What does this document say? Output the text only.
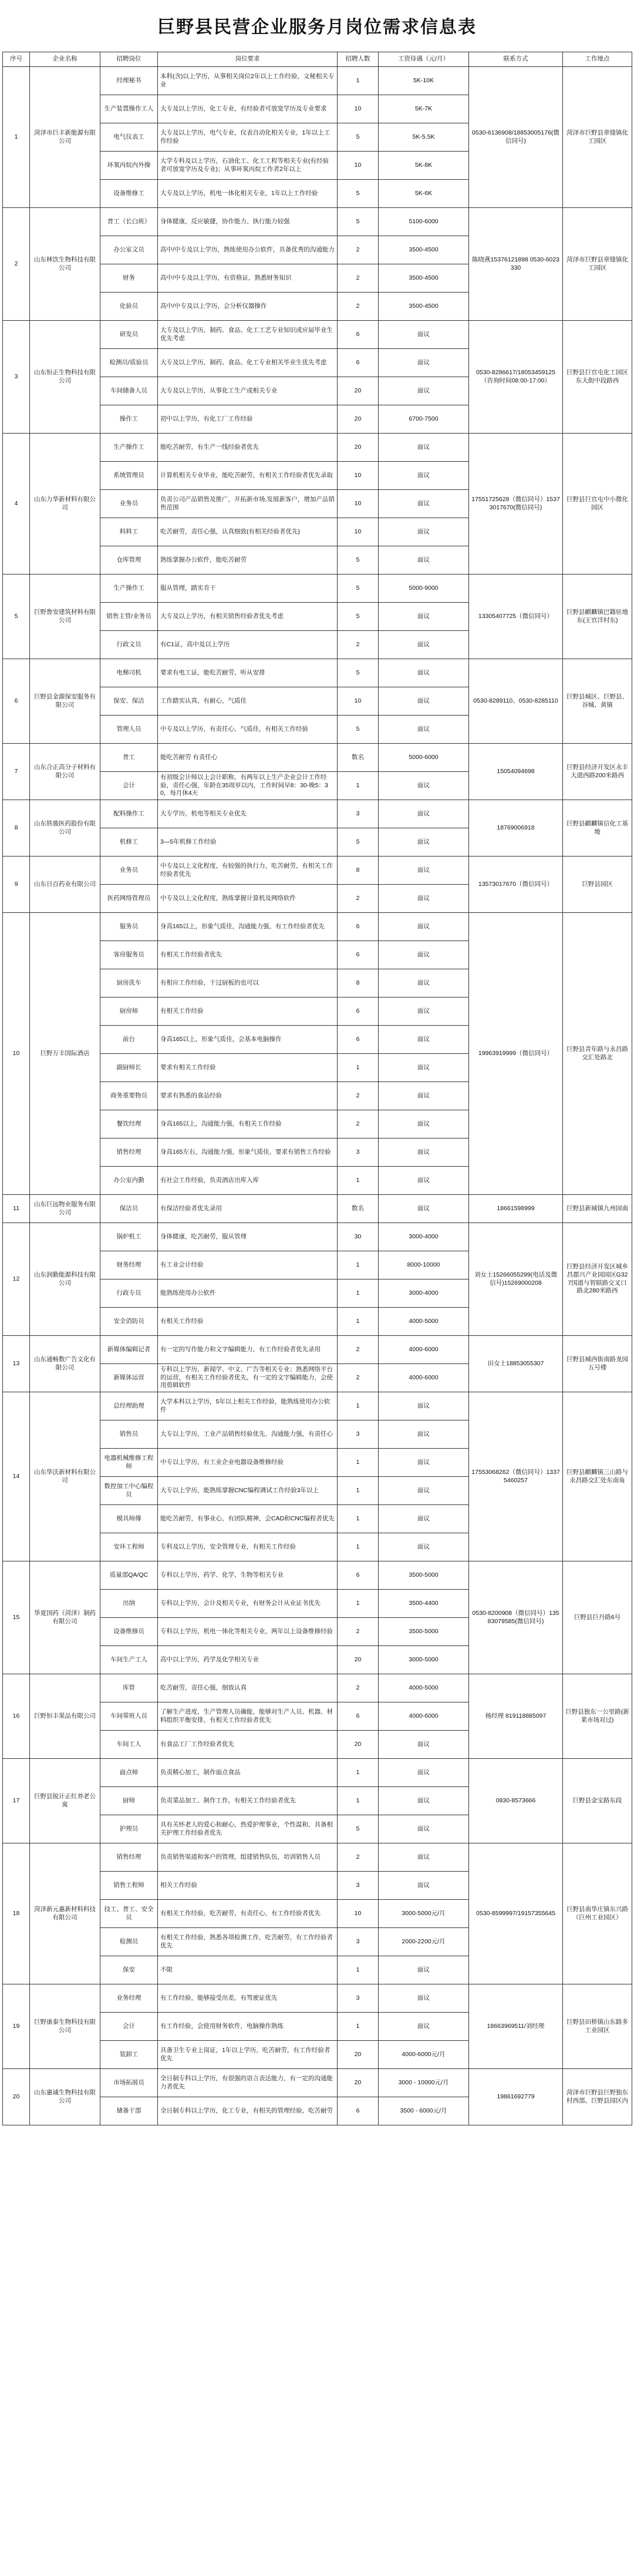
巨野县民营企业服务月岗位需求信息表
序号	企业名称	招聘岗位	岗位要求	招聘人数	工资待遇（元/月）	联系方式	工作地点
1	菏泽市巨丰新能源有限公司	经理秘书	本科(含)以上学历，从事相关岗位2年以上工作经验，文秘相关专业	1	5K-10K	0530-6136908/18853005176(微信同号)	菏泽市巨野县章缝镇化工园区
		生产装置操作工人	大专及以上学历，化工专业，有经验者可放宽学历及专业要求	10	5K-7K		
		电气仪表工	大专及以上学历，电气专业，仪表自动化相关专业，1年以上工作经验	5	5K-5.5K		
		环氧丙烷内外操	大学专科及以上学历，石油化工、化工工程等相关专业(有经验者可放宽学历及专业)；从事环氧丙烷工作者2年以上	10	5K-8K		
		设备维修工	大专及以上学历，机电一体化相关专业，1年以上工作经验	5	5K-6K		
2	山东林饮生物科技有限公司	普工（长白班）	身体健康，反应敏捷，协作能力、执行能力较强	5	5100-6000	陈晓燕15376121898 0530-6023330	菏泽市巨野县章缝镇化工园区
		办公室文员	高中/中专及以上学历，熟练使用办公软件，具备优秀的沟通能力	2	3500-4500		
		财务	高中/中专及以上学历，有资格证，熟悉财务知识	2	3500-4500		
		化验员	高中/中专及以上学历，会分析仪器操作	2	3500-4500		
3	山东恒正生物科技有限公司	研发员	大专及以上学历，制药、食品、化工工艺专业知识或应届毕业生优先考虑	6	面议	0530-8286617/18053459125（咨询时间08:00-17:00）	巨野县巨官屯化工园区东大街中段路西
		检测员/质验员	大专及以上学历，制药、食品、化工专业相关毕业生优先考虑	6	面议		
		车间储备人员	大专及以上学历，从事化工生产或相关专业	20	面议		
		操作工	初中以上学历，有化工厂工作经验	20	6700-7500		
4	山东力华新材料有限公司	生产操作工	能吃苦耐劳，有生产一线经验者优先	20	面议	17551725628（微信同号）15373017670(微信同号)	巨野县巨官屯中小微化园区
		系统管理员	计算机相关专业毕业，能吃苦耐劳，有相关工作经验者优先录取	10	面议		
		业务员	负责公司产品销售及推广，开拓新市场,发展新客户，增加产品销售范围	10	面议		
		料料工	吃苦耐劳，责任心强，认真细致(有相关经验者优先)	10	面议		
		仓库管理	熟练掌握办公软件，能吃苦耐劳	5	面议		
5	巨野鲁安建筑材料有限公司	生产操作工	服从管理，踏实肯干	5	5000-9000	13305407725（微信同号）	巨野县麒麟镇巴籍驻地东(王官洋村东)
		销售主管/业务员	大专及以上学历，有相关销售经验者优先考虑	5	面议		
		行政文员	有C1证，高中及以上学历	2	面议		
6	巨野县金源保安服务有限公司	电梯司机	要求有电工证，能吃苦耐劳，听从安排	5	面议	0530-8289110、0530-8285110	巨野县城区、巨野县、谷城、黄镇
		保安、保洁	工作踏实认真，有耐心，气质佳	10	面议		
		管理人员	中专及以上学历，有责任心，气质佳，有相关工作经验	5	面议		
7	山东合正高分子材料有限公司	普工	能吃苦耐劳 有责任心	数名	5000-6000	15054094698	巨野县经济开发区永丰大道西路200米路西
		会计	有初级会计师以上会计职称，有两年以上生产企业会计工作经验，责任心强，年龄在35周岁以内，工作时间早8：30-晚5：30，每月休4天	1	面议		
8	山东铁骏医药股份有限公司	配料操作工	大专学历，机电等相关专业优先	3	面议	18769006918	巨野县麒麟镇信化工基地
		机修工	3—5年机修工作经验	5	面议		
9	山东日百药业有限公司	业务员	中专及以上文化程度，有较强的执行力，吃苦耐劳，有相关工作经验者优先	8	面议	13573017670（微信同号）	巨野县园区
		医药网络管理员	中专及以上文化程度，熟练掌握计算机及网络软件	2	面议		
10	巨野万丰国际酒店	服务员	身高165以上，形象气质佳，沟通能力强，有工作经验者优先	6	面议	19963919999（微信同号）	巨野县青年路与永昌路交汇处路北
		客房服务员	有相关工作经验者优先	6	面议		
		厨房洗车	有相应工作经验，干过厨板的也可以	8	面议		
		厨房师	有相关工作经验	6	面议		
		前台	身高165以上，形象气质佳，会基本电脑操作	6	面议		
		副厨师长	要求有相关工作经验	1	面议		
		商务重要物员	要求有熟悉的食品经验	2	面议		
		餐饮经理	身高165以上，沟通能力强，有相关工作经验	2	面议		
		销售经理	身高165左右，沟通能力强，形象气质佳，要求有销售工作经验	3	面议		
		办公室内勤	有社会工作经验，负责酒店出库入库	1	面议		
11	山东巨远物业服务有限公司	保洁员	有保洁经验者优先录用	数名	面议	18661598999	巨野县新城镇九州园南
12	山东润勤能源科技有限公司	锅炉机工	身体健康，吃苦耐劳，服从管理	30	3000-4000	刘女士15266055299(电话及微信号)15269000208	巨野县经济开发区城乡昌郡兴产业园园区G327国道与智联路交叉口路北280米路西
		财务经理	有工业会计经验	1	8000-10000		
		行政专员	能熟练使用办公软件	1	3000-4000		
		安全消防员	有相关工作经验	1	4000-5000		
13	山东通畅数广告文化有限公司	新媒体编辑记者	有一定的写作能力和文字编辑能力，有工作经验者优先录用	2	4000-6000	田女士18853055307	巨野县城西街南路龙园五号楼
		新媒体运营	专科以上学历，新闻学、中文、广告等相关专业；熟悉网络平台的运营，有相关工作经验者优先，有一定的文字编辑能力，会使用剪辑软件	2	4000-6000		
14	山东华沃新材料有限公司	总经理助理	大学本科以上学历，5年以上相关工作经验，能熟练使用办公软件	1	面议	17553068262（微信同号）13375460257	巨野县麒麟镇三山路与永昌路交汇处东南角
		销售员	大专以上学历，工业产品销售经验优先，沟通能力强，有责任心	3	面议		
		电器机械维修工程师	中专以上学历，有工业企业电器设备维修经验	1	面议		
		数控加工中心编程员	大专以上学历，能熟练掌握CNC编程调试工作经验3年以上	1	面议		
		模具师傅	能吃苦耐劳，有事业心，有团队精神，会CAD和CNC编程者优先	1	面议		
		安环工程师	专科及以上学历，安全管理专业，有相关工作经验	1	面议		
15	华夏国药（菏泽）制药有限公司	质量部QA/QC	专科以上学历，药学、化学、生物等相关专业	6	3500-5000	0530-8200908（微信同号）13583079585(微信同号)	巨野县巨丹路6号
		出纳	专科以上学历，会计及相关专业，有财务会计从业证书优先	1	3500-4400		
		设备维修员	专科以上学历，机电一体化等相关专业，两年以上设备维修经验	2	3500-5000		
		车间生产工人	高中以上学历，药学及化学相关专业	20	3000-5000		
16	巨野恒丰果品有限公司	库管	吃苦耐劳，责任心强，细致认真	2	4000-5000	杨经理 819118885097	巨野县独东一公里路(新莱市场对过)
		车间带班人员	了解生产进度，生产管理人员确能，能够对生产人员、机器、材料组织平衡安排，有相关工作经验者优先	6	4000-6000		
		车间工人	有食品工厂工作经验者优先	20	面议		
17	巨野县锐计正红养老公寓	面点师	负责精心加工，制作面点食品	1	面议	0830-8573666	巨野县金宝路东段
		厨师	负责菜品加工、制作工作，有相关工作经验者优先	1	面议		
		护理员	具有关怀老人的爱心和耐心，热爱护理事业，个性温和，具备相关护理工作经验者优先	5	面议		
18	菏泽新元惠新材料科技有限公司	销售经理	负责销售渠道和客户的管理，组建销售队伍，培训销售人员	2	面议	0530-8599997/19157355645	巨野县南华庄镇东兴路（巨州工业园区）
		销售工程师	相关工作经验	3	面议		
		技工、普工、安全员	有相关工作经验，吃苦耐劳，有责任心，有工作经验者优先	10	3000-5000元/月		
		检测员	有相关工作经验，熟悉各项检测工作，吃苦耐劳，有工作经验者优先	3	2000-2200元/月		
		保安	不限	1	面议		
19	巨野康泰生物科技有限公司	业务经理	有工作经验，能够接受出差，有驾驶证优先	3	面议	18663969511/刘经理	巨野县田桥镇山东路多工业园区
		会计	有工作经验，会使用财务软件，电脑操作熟练	1	面议		
		装卸工	具备卫生专业上岗证，1年以上学历，吃苦耐劳，有工作经验者优先	20	4000-6000元/月		
20	山东惠诚生物科技有限公司	市场拓展员	全日制专科以上学历，有很强的语言表达能力，有一定的沟通能力者优先	20	3000 - 10000元/月	19861692779	菏泽市巨野县巨野独东村西部，巨野县园区内
		储备干部	全日制专科以上学历，化工专业，有相关的管理经验，吃苦耐劳	6	3500 - 6000元/月		
